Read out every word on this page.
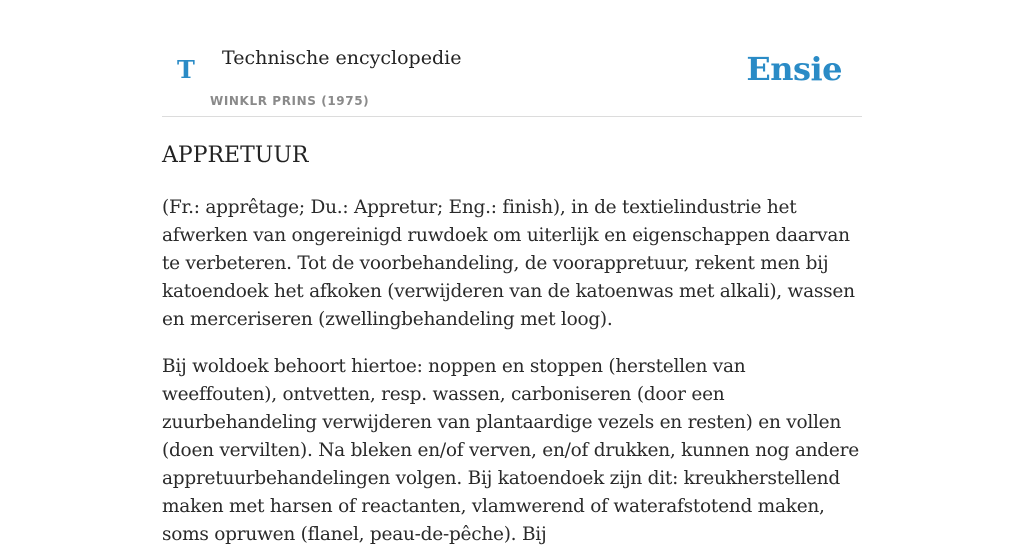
T Technische encyclopedie
WINKLR PRINS (1975)
Ensie
APPRETUUR

(Fr.: apprêtage; Du.: Appretur; Eng.: finish), in de textielindustrie het afwerken van ongereinigd ruwdoek om uiterlijk en eigenschappen daarvan te verbeteren. Tot de voorbehandeling, de voorappretuur, rekent men bij katoendoek het afkoken (verwijderen van de katoenwas met alkali), wassen en merceriseren (zwellingbehandeling met loog).

Bij woldoek behoort hiertoe: noppen en stoppen (herstellen van weeffouten), ontvetten, resp. wassen, carboniseren (door een zuurbehandeling verwijderen van plantaardige vezels en resten) en vollen (doen vervilten). Na bleken en/of verven, en/of drukken, kunnen nog andere appretuurbehandelingen volgen. Bij katoendoek zijn dit: kreukherstellend maken met harsen of reactanten, vlamwerend of waterafstotend maken, soms opruwen (flanel, peau-de-pêche). Bij
